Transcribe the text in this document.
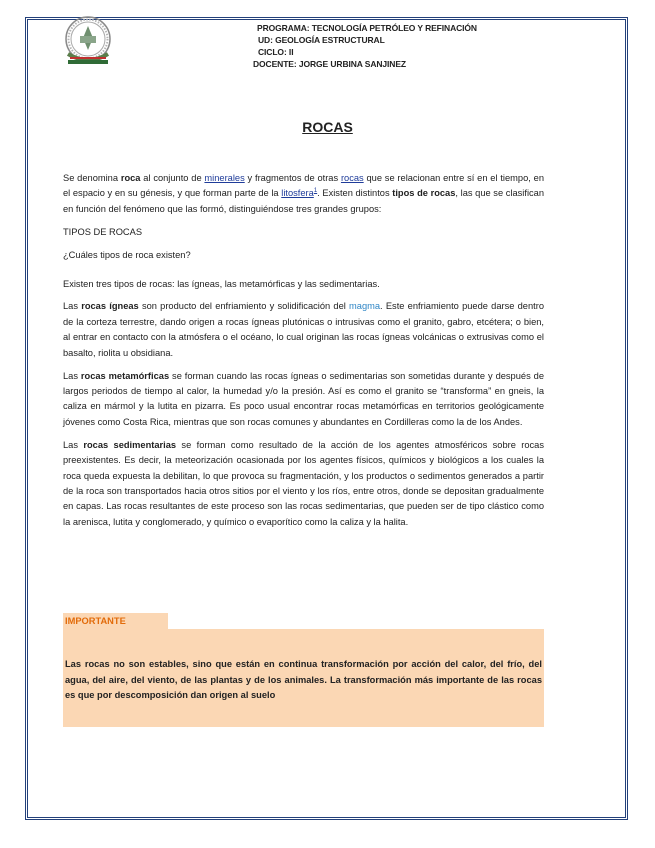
PROGRAMA: TECNOLOGÍA PETRÓLEO Y REFINACIÓN
UD: GEOLOGÍA ESTRUCTURAL
CICLO: II
DOCENTE: JORGE URBINA SANJINEZ
ROCAS

Se denomina roca al conjunto de minerales y fragmentos de otras rocas que se relacionan entre sí en el tiempo, en el espacio y en su génesis, y que forman parte de la litosfera$^1$. Existen distintos tipos de rocas, las que se clasifican en función del fenómeno que las formó, distinguiéndose tres grandes grupos:

TIPOS DE ROCAS

¿Cuáles tipos de roca existen?

Existen tres tipos de rocas: las ígneas, las metamórficas y las sedimentarias.

Las rocas ígneas son producto del enfriamiento y solidificación del magma. Este enfriamiento puede darse dentro de la corteza terrestre, dando origen a rocas ígneas plutónicas o intrusivas como el granito, gabro, etcétera; o bien, al entrar en contacto con la atmósfera o el océano, lo cual originan las rocas ígneas volcánicas o extrusivas como el basalto, riolita u obsidiana.

Las rocas metamórficas se forman cuando las rocas ígneas o sedimentarias son sometidas durante y después de largos periodos de tiempo al calor, la humedad y/o la presión. Así es como el granito se “transforma” en gneis, la caliza en mármol y la lutita en pizarra. Es poco usual encontrar rocas metamórficas en territorios geológicamente jóvenes como Costa Rica, mientras que son rocas comunes y abundantes en Cordilleras como la de los Andes.

Las rocas sedimentarias se forman como resultado de la acción de los agentes atmosféricos sobre rocas preexistentes. Es decir, la meteorización ocasionada por los agentes físicos, químicos y biológicos a los cuales la roca queda expuesta la debilitan, lo que provoca su fragmentación, y los productos o sedimentos generados a partir de la roca son transportados hacia otros sitios por el viento y los ríos, entre otros, donde se depositan gradualmente en capas. Las rocas resultantes de este proceso son las rocas sedimentarias, que pueden ser de tipo clástico como la arenisca, lutita y conglomerado, y químico o evaporítico como la caliza y la halita.

IMPORTANTE
Las rocas no son estables, sino que están en continua transformación por acción del calor, del frío, del agua, del aire, del viento, de las plantas y de los animales. La transformación más importante de las rocas es que por descomposición dan origen al suelo
